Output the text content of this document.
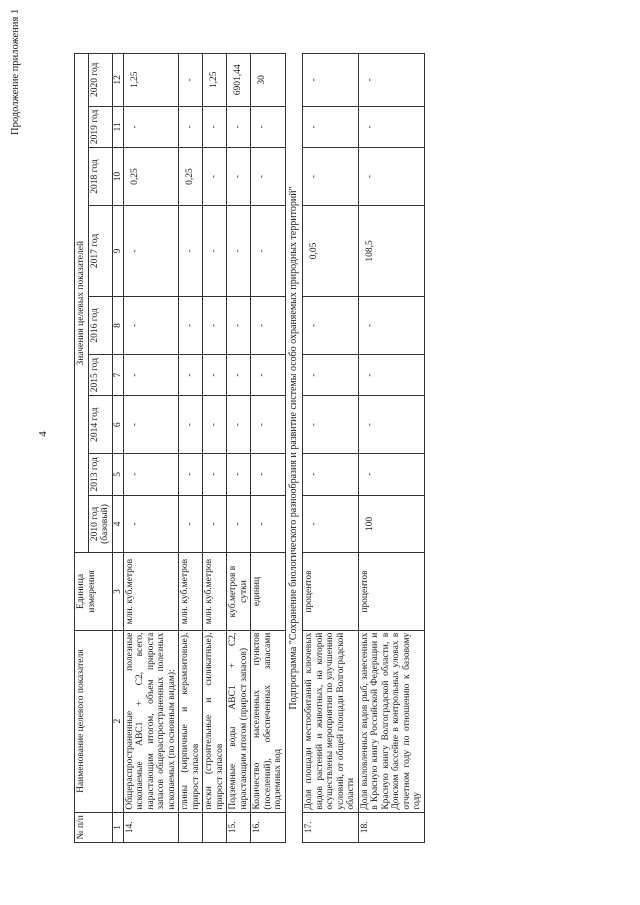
4
Продолжение приложения 1
№ п/п	Наименование целевого показателя	Единица измерения	Значения целевых показателей								
			2010 год (базовый)	2013 год	2014 год	2015 год	2016 год	2017 год	2018 год	2019 год	2020 год
1	2	3	4	5	6	7	8	9	10	11	12
14.	Общераспространенные полезные ископаемые АВС1 + С2, всего, нарастающим итогом, объем прироста запасов общераспространенных полезных ископаемых (по основным видам):	млн. куб.метров	-	-	-	-	-	-	0,25	-	1,25
	глины (кирпичные и керамзитовые), прирост запасов	млн. куб.метров	-	-	-	-	-	-	0,25	-	-
	пески (строительные и силикатные), прирост запасов	млн. куб.метров	-	-	-	-	-	-	-	-	1,25
15.	Подземные воды АВС1 + С2, нарастающим итогом (прирост запасов)	куб.метров в сутки	-	-	-	-	-	-	-	-	6901,44
16.	Количество населенных пунктов (поселений), обеспеченных запасами подземных вод	единиц	-	-	-	-	-	-	-	-	30
Подпрограмма "Сохранение биологического разнообразия и развитие системы особо охраняемых природных территорий"											
17.	Доля площади местообитаний ключевых видов растений и животных, на которой осуществлены мероприятия по улучшению условий, от общей площади Волгоградской области	процентов	-	-	-	-	-	0,05	-	-	-
18.	Доля выловленных видов рыб, занесенных в Красную книгу Российской Федерации и Красную книгу Волгоградской области, в Донском бассейне в контрольных уловах в отчетном году по отношению к базовому году	процентов	100	-	-	-	-	108,5	-	-	-
